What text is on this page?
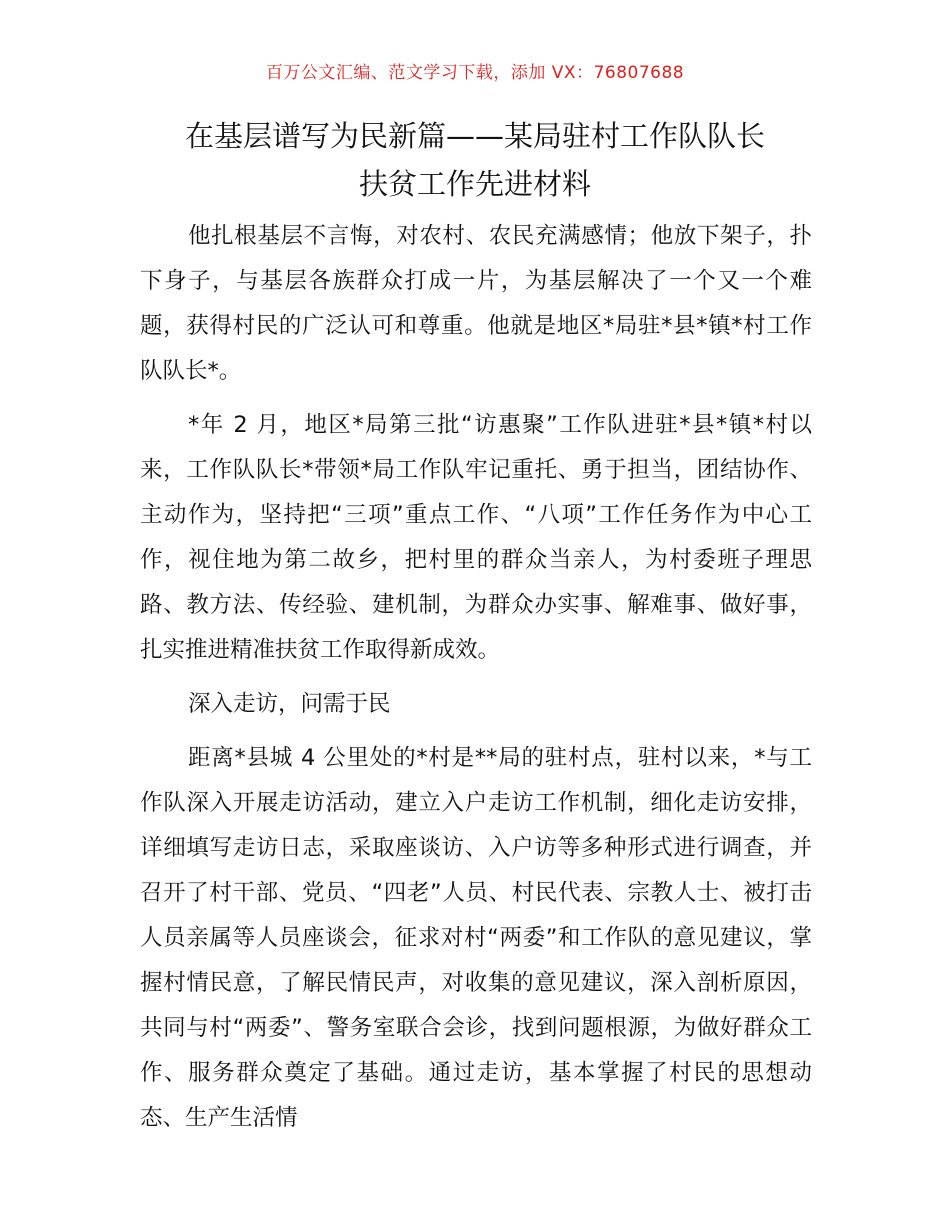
百万公文汇编、范文学习下载，添加 VX：76807688
在基层谱写为民新篇——某局驻村工作队队长
扶贫工作先进材料

他扎根基层不言悔，对农村、农民充满感情；他放下架子，扑下身子，与基层各族群众打成一片，为基层解决了一个又一个难题，获得村民的广泛认可和尊重。他就是地区*局驻*县*镇*村工作队队长*。

*年 2 月，地区*局第三批“访惠聚”工作队进驻*县*镇*村以来，工作队队长*带领*局工作队牢记重托、勇于担当，团结协作、主动作为，坚持把“三项”重点工作、“八项”工作任务作为中心工作，视住地为第二故乡，把村里的群众当亲人，为村委班子理思路、教方法、传经验、建机制，为群众办实事、解难事、做好事，扎实推进精准扶贫工作取得新成效。

深入走访，问需于民

距离*县城 4 公里处的*村是**局的驻村点，驻村以来，*与工作队深入开展走访活动，建立入户走访工作机制，细化走访安排，详细填写走访日志，采取座谈访、入户访等多种形式进行调查，并召开了村干部、党员、“四老”人员、村民代表、宗教人士、被打击人员亲属等人员座谈会，征求对村“两委”和工作队的意见建议，掌握村情民意，了解民情民声，对收集的意见建议，深入剖析原因，共同与村“两委”、警务室联合会诊，找到问题根源，为做好群众工作、服务群众奠定了基础。通过走访，基本掌握了村民的思想动态、生产生活情
